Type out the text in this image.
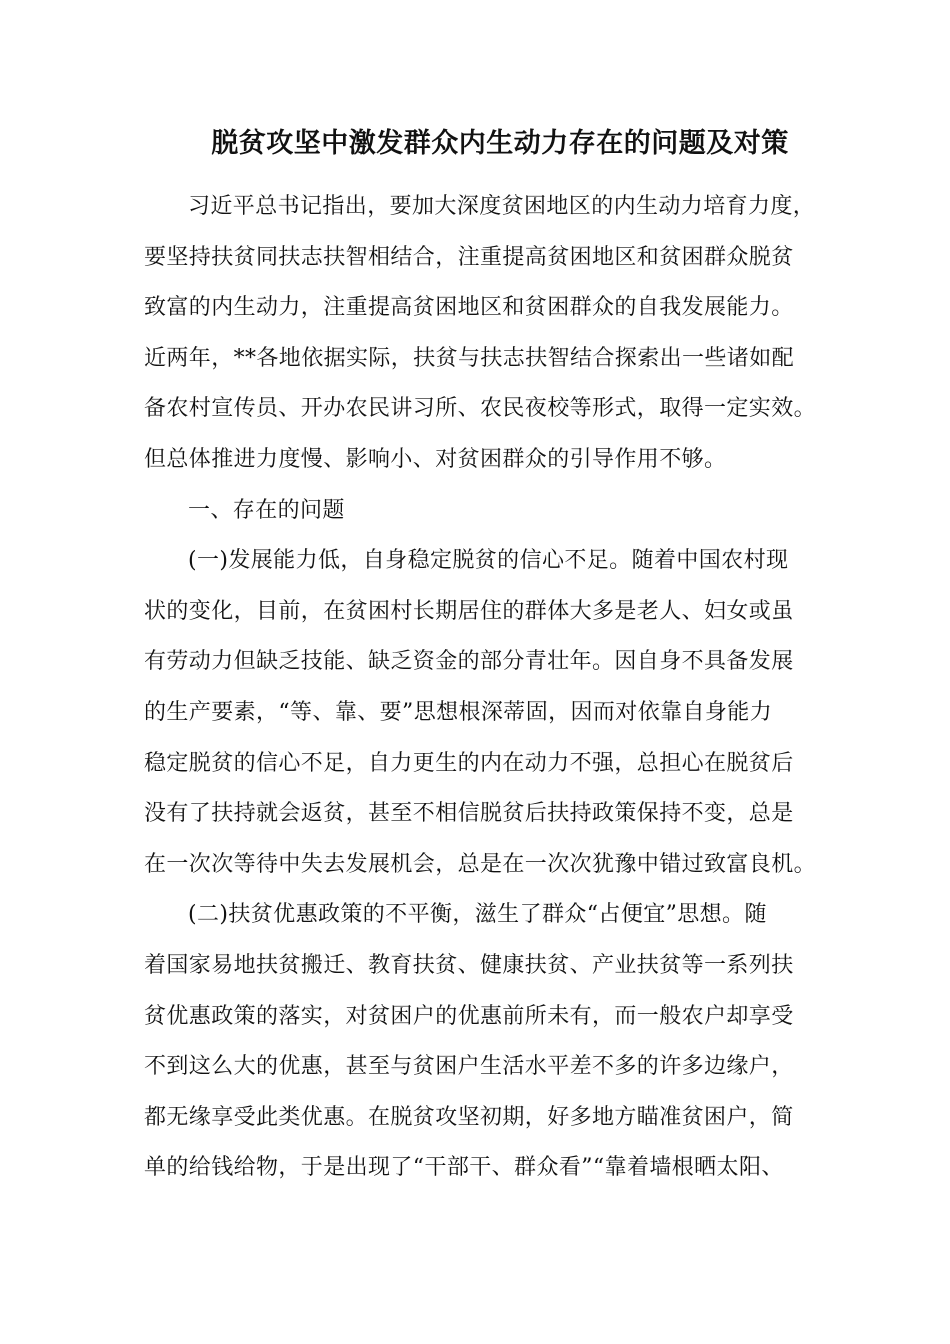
脱贫攻坚中激发群众内生动力存在的问题及对策
习近平总书记指出，要加大深度贫困地区的内生动力培育力度，
要坚持扶贫同扶志扶智相结合，注重提高贫困地区和贫困群众脱贫
致富的内生动力，注重提高贫困地区和贫困群众的自我发展能力。
近两年，**各地依据实际，扶贫与扶志扶智结合探索出一些诸如配
备农村宣传员、开办农民讲习所、农民夜校等形式，取得一定实效。
但总体推进力度慢、影响小、对贫困群众的引导作用不够。
一、存在的问题
(一)发展能力低，自身稳定脱贫的信心不足。随着中国农村现
状的变化，目前，在贫困村长期居住的群体大多是老人、妇女或虽
有劳动力但缺乏技能、缺乏资金的部分青壮年。因自身不具备发展
的生产要素，“等、靠、要”思想根深蒂固，因而对依靠自身能力
稳定脱贫的信心不足，自力更生的内在动力不强，总担心在脱贫后
没有了扶持就会返贫，甚至不相信脱贫后扶持政策保持不变，总是
在一次次等待中失去发展机会，总是在一次次犹豫中错过致富良机。
(二)扶贫优惠政策的不平衡，滋生了群众“占便宜”思想。随
着国家易地扶贫搬迁、教育扶贫、健康扶贫、产业扶贫等一系列扶
贫优惠政策的落实，对贫困户的优惠前所未有，而一般农户却享受
不到这么大的优惠，甚至与贫困户生活水平差不多的许多边缘户，
都无缘享受此类优惠。在脱贫攻坚初期，好多地方瞄准贫困户，简
单的给钱给物，于是出现了“干部干、群众看”“靠着墙根晒太阳、
